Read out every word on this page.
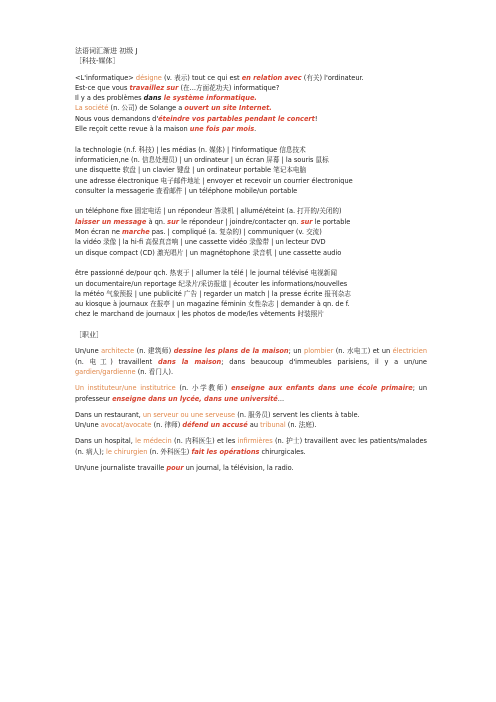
法语词汇渐进 初级 J

［科技-媒体］

<L'informatique> désigne (v. 表示) tout ce qui est en relation avec (有关) l'ordinateur.

Est-ce que vous travaillez sur (在...方面花功夫) informatique?

Il y a des problèmes dans le système informatique.

La société (n. 公司) de Solange a ouvert un site Internet.

Nous vous demandons d'éteindre vos partables pendant le concert!

Elle reçoit cette revue à la maison une fois par mois.

la technologie (n.f. 科技) | les médias (n. 媒体) | l'informatique 信息技术

informaticien,ne (n. 信息处理员) | un ordinateur | un écran 屏幕 | la souris 鼠标

une disquette 软盘 | un clavier 键盘 | un ordinateur portable 笔记本电脑

une adresse électronique 电子邮件地址 | envoyer et recevoir un courrier électronique

consulter la messagerie 查看邮件 | un téléphone mobile/un portable

un téléphone fixe 固定电话 | un répondeur 答录机 | allumé/éteint (a. 打开的/关闭的)

laisser un message à qn. sur le répondeur | joindre/contacter qn. sur le portable

Mon écran ne marche pas. | compliqué (a. 复杂的) | communiquer (v. 交流)

la vidéo 录像 | la hi-fi 高保真音响 | une cassette vidéo 录像带 | un lecteur DVD

un disque compact (CD) 激光唱片 | un magnétophone 录音机 | une cassette audio

être passionné de/pour qch. 热衷于 | allumer la télé | le journal télévisé 电视新闻

un documentaire/un reportage 纪录片/采访报道 | écouter les informations/nouvelles

la météo 气象预报 | une publicité 广告 | regarder un match | la presse écrite 报刊杂志

au kiosque à journaux 在报亭 | un magazine féminin 女性杂志 | demander à qn. de f.

chez le marchand de journaux | les photos de mode/les vêtements 时装照片

［职业］

Un/une architecte (n. 建筑师) dessine les plans de la maison; un plombier (n. 水电工) et un électricien (n. 电工) travaillent dans la maison; dans beaucoup d'immeubles parisiens, il y a un/une gardien/gardienne (n. 看门人).

Un instituteur/une institutrice (n. 小学教师) enseigne aux enfants dans une école primaire; un professeur enseigne dans un lycée, dans une université...

Dans un restaurant, un serveur ou une serveuse (n. 服务员) servent les clients à table.
Un/une avocat/avocate (n. 律师) défend un accusé au tribunal (n. 法庭).

Dans un hospital, le médecin (n. 内科医生) et les infirmières (n. 护士) travaillent avec les patients/malades (n. 病人); le chirurgien (n. 外科医生) fait les opérations chirurgicales.

Un/une journaliste travaille pour un journal, la télévision, la radio.
